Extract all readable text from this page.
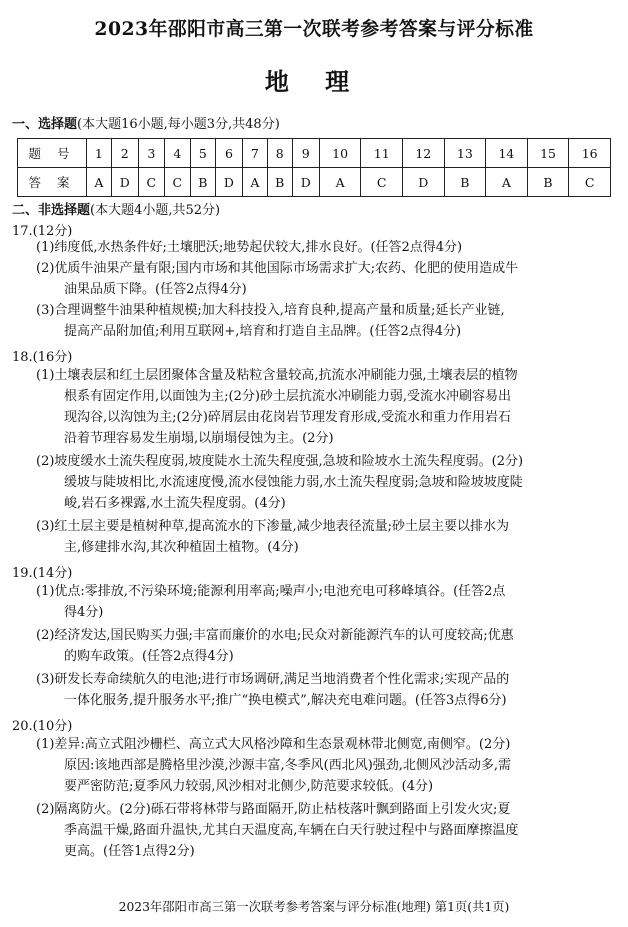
2023年邵阳市高三第一次联考参考答案与评分标准
地 理
一、选择题(本大题16小题,每小题3分,共48分)
题 号	1	2	3	4	5	6	7	8	9	10	11	12	13	14	15	16
答 案	A	D	C	C	B	D	A	B	D	A	C	D	B	A	B	C
二、非选择题(本大题4小题,共52分)
17.(12分)
(1)纬度低,水热条件好;土壤肥沃;地势起伏较大,排水良好。(任答2点得4分)
(2)优质牛油果产量有限;国内市场和其他国际市场需求扩大;农药、化肥的使用造成牛
油果品质下降。(任答2点得4分)
(3)合理调整牛油果种植规模;加大科技投入,培育良种,提高产量和质量;延长产业链,
提高产品附加值;利用互联网+,培育和打造自主品牌。(任答2点得4分)
18.(16分)
(1)土壤表层和红土层团聚体含量及粘粒含量较高,抗流水冲刷能力强,土壤表层的植物
根系有固定作用,以面蚀为主;(2分)砂土层抗流水冲刷能力弱,受流水冲刷容易出
现沟谷,以沟蚀为主;(2分)碎屑层由花岗岩节理发育形成,受流水和重力作用岩石
沿着节理容易发生崩塌,以崩塌侵蚀为主。(2分)
(2)坡度缓水土流失程度弱,坡度陡水土流失程度强,急坡和险坡水土流失程度弱。(2分)
缓坡与陡坡相比,水流速度慢,流水侵蚀能力弱,水土流失程度弱;急坡和险坡坡度陡
峻,岩石多裸露,水土流失程度弱。(4分)
(3)红土层主要是植树种草,提高流水的下渗量,减少地表径流量;砂土层主要以排水为
主,修建排水沟,其次种植固土植物。(4分)
19.(14分)
(1)优点:零排放,不污染环境;能源利用率高;噪声小;电池充电可移峰填谷。(任答2点
得4分)
(2)经济发达,国民购买力强;丰富而廉价的水电;民众对新能源汽车的认可度较高;优惠
的购车政策。(任答2点得4分)
(3)研发长寿命续航久的电池;进行市场调研,满足当地消费者个性化需求;实现产品的
一体化服务,提升服务水平;推广“换电模式”,解决充电难问题。(任答3点得6分)
20.(10分)
(1)差异:高立式阻沙栅栏、高立式大风格沙障和生态景观林带北侧宽,南侧窄。(2分)
原因:该地西部是腾格里沙漠,沙源丰富,冬季风(西北风)强劲,北侧风沙活动多,需
要严密防范;夏季风力较弱,风沙相对北侧少,防范要求较低。(4分)
(2)隔离防火。(2分)砾石带将林带与路面隔开,防止枯枝落叶飘到路面上引发火灾;夏
季高温干燥,路面升温快,尤其白天温度高,车辆在白天行驶过程中与路面摩擦温度
更高。(任答1点得2分)
2023年邵阳市高三第一次联考参考答案与评分标准(地理) 第1页(共1页)
